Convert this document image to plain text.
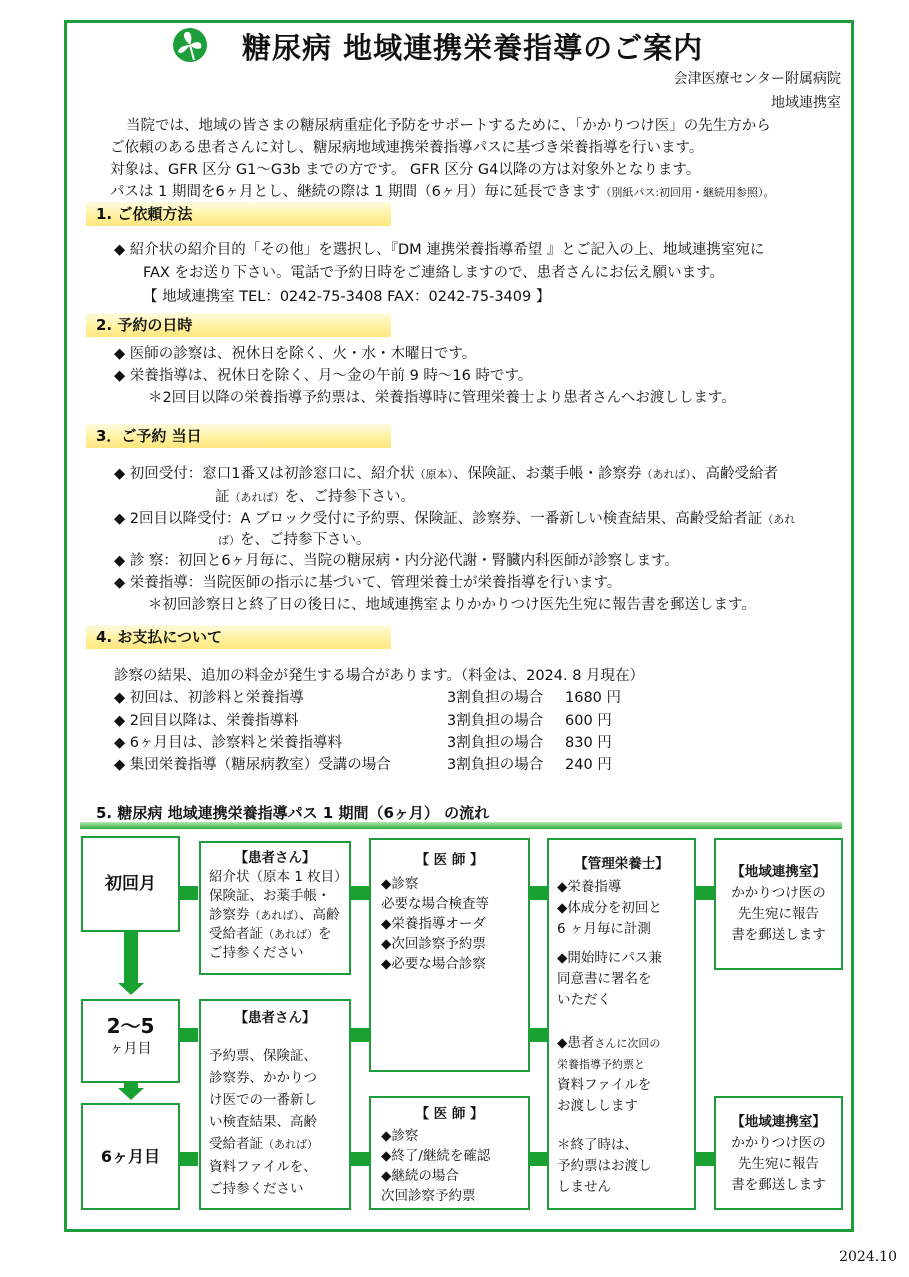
糖尿病 地域連携栄養指導のご案内
会津医療センター附属病院
地域連携室
当院では、地域の皆さまの糖尿病重症化予防をサポートするために、「かかりつけ医」の先生方から
ご依頼のある患者さんに対し、糖尿病地域連携栄養指導パスに基づき栄養指導を行います。
対象は、GFR 区分 G1～G3b までの方です。 GFR 区分 G4以降の方は対象外となります。
パスは 1 期間を6ヶ月とし、継続の際は 1 期間（6ヶ月）毎に延長できます（別紙パス:初回用・継続用参照）。
1. ご依頼方法
◆ 紹介状の紹介目的「その他」を選択し、『DM 連携栄養指導希望 』とご記入の上、地域連携室宛に
FAX をお送り下さい。電話で予約日時をご連絡しますので、患者さんにお伝え願います。
【 地域連携室 TEL：0242-75-3408 FAX：0242-75-3409 】
2. 予約の日時
◆ 医師の診察は、祝休日を除く、火・水・木曜日です。
◆ 栄養指導は、祝休日を除く、月～金の午前 9 時～16 時です。
＊2回目以降の栄養指導予約票は、栄養指導時に管理栄養士より患者さんへお渡しします。
3．ご予約 当日
◆ 初回受付：窓口1番又は初診窓口に、紹介状（原本）、保険証、お薬手帳・診察券（あれば）、高齢受給者
証（あれば）を、ご持参下さい。
◆ 2回目以降受付：A ブロック受付に予約票、保険証、診察券、一番新しい検査結果、高齢受給者証（あれ
ば）を、ご持参下さい。
◆ 診 察：初回と6ヶ月毎に、当院の糖尿病・内分泌代謝・腎臓内科医師が診察します。
◆ 栄養指導：当院医師の指示に基づいて、管理栄養士が栄養指導を行います。
＊初回診察日と終了日の後日に、地域連携室よりかかりつけ医先生宛に報告書を郵送します。
4. お支払について
診察の結果、追加の料金が発生する場合があります。（料金は、2024. 8 月現在）
◆ 初回は、初診料と栄養指導	3割負担の場合 1680 円
◆ 2回目以降は、栄養指導料	3割負担の場合 600 円
◆ 6ヶ月目は、診察料と栄養指導料	3割負担の場合 830 円
◆ 集団栄養指導（糖尿病教室）受講の場合	3割負担の場合 240 円
5. 糖尿病 地域連携栄養指導パス 1 期間（6ヶ月） の流れ
初回月
2～5
ヶ月目
6ヶ月目
【患者さん】
紹介状（原本 1 枚目）
保険証、お薬手帳・
診察券（あれば）、高齢
受給者証（あれば）を
ご持参ください
【患者さん】
予約票、保険証、
診察券、かかりつ
け医での一番新し
い検査結果、高齢
受給者証（あれば）
資料ファイルを、
ご持参ください
【 医 師 】
◆診察
必要な場合検査等
◆栄養指導オーダ
◆次回診察予約票
◆必要な場合診察
【 医 師 】
◆診察
◆終了/継続を確認
◆継続の場合
次回診察予約票
【管理栄養士】
◆栄養指導
◆体成分を初回と
6 ヶ月毎に計測
◆開始時にパス兼
同意書に署名を
いただく
◆患者さんに次回の
栄養指導予約票と
資料ファイルを
お渡しします
＊終了時は、
予約票はお渡し
しません
【地域連携室】
かかりつけ医の
先生宛に報告
書を郵送します
【地域連携室】
かかりつけ医の
先生宛に報告
書を郵送します
2024.10
